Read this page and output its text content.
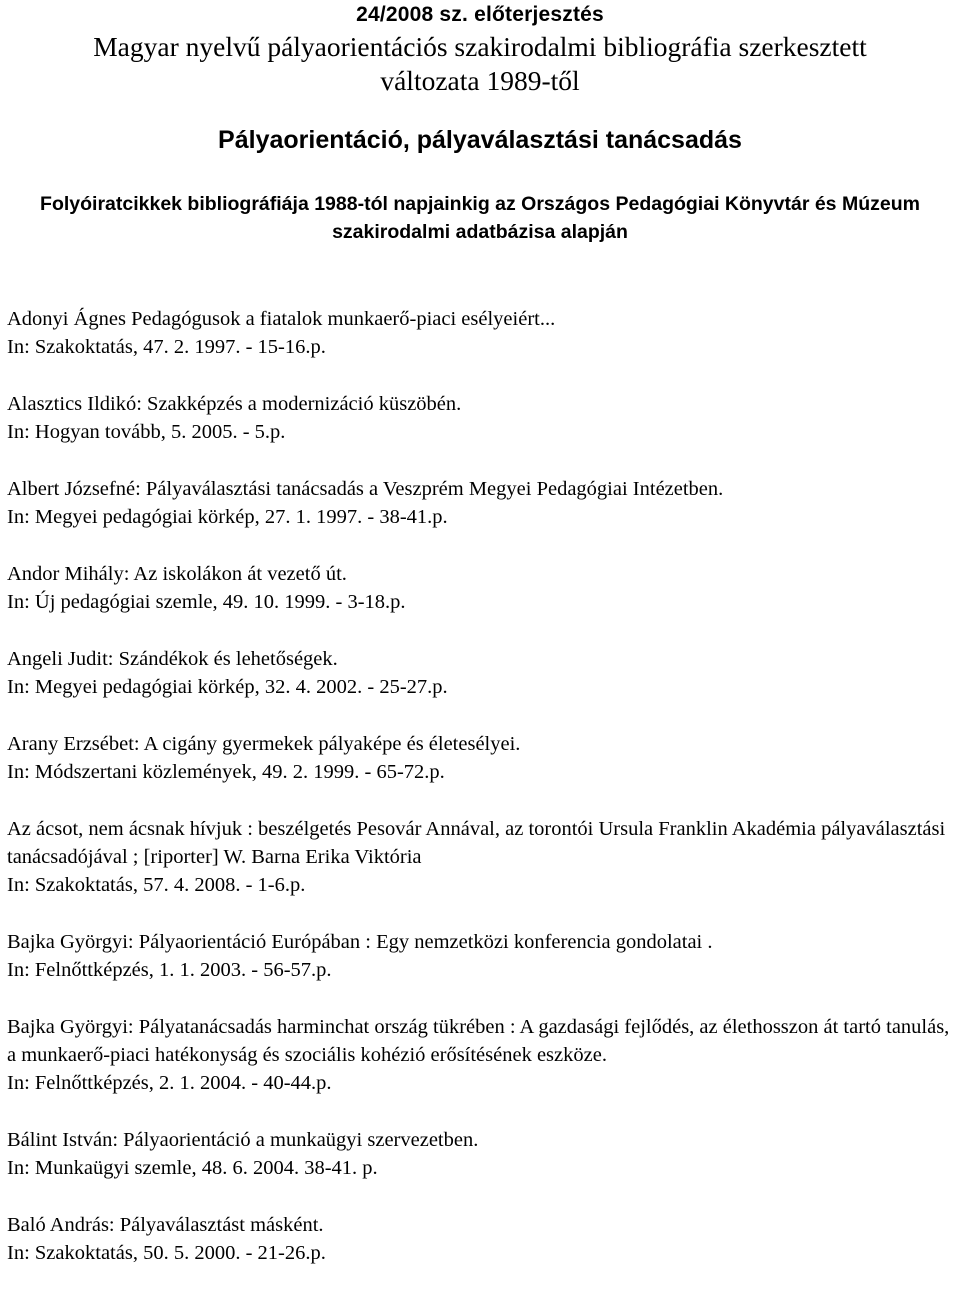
24/2008 sz. előterjesztés
Magyar nyelvű pályaorientációs szakirodalmi bibliográfia szerkesztett
változata 1989-től
Pályaorientáció, pályaválasztási tanácsadás
Folyóiratcikkek bibliográfiája 1988-tól napjainkig az Országos Pedagógiai Könyvtár és Múzeum szakirodalmi adatbázisa alapján
Adonyi Ágnes Pedagógusok a fiatalok munkaerő-piaci esélyeiért...
In: Szakoktatás, 47. 2. 1997. - 15-16.p.
Alasztics Ildikó: Szakképzés a modernizáció küszöbén.
In: Hogyan tovább, 5. 2005. - 5.p.
Albert Józsefné: Pályaválasztási tanácsadás a Veszprém Megyei Pedagógiai Intézetben.
In: Megyei pedagógiai körkép, 27. 1. 1997. - 38-41.p.
Andor Mihály: Az iskolákon át vezető út.
In: Új pedagógiai szemle, 49. 10. 1999. - 3-18.p.
Angeli Judit: Szándékok és lehetőségek.
In: Megyei pedagógiai körkép, 32. 4. 2002. - 25-27.p.
Arany Erzsébet: A cigány gyermekek pályaképe és életesélyei.
In: Módszertani közlemények, 49. 2. 1999. - 65-72.p.
Az ácsot, nem ácsnak hívjuk : beszélgetés Pesovár Annával, az torontói Ursula Franklin Akadémia pályaválasztási tanácsadójával ; [riporter] W. Barna Erika Viktória
In: Szakoktatás, 57. 4. 2008. - 1-6.p.
Bajka Györgyi: Pályaorientáció Európában : Egy nemzetközi konferencia gondolatai .
In: Felnőttképzés, 1. 1. 2003. - 56-57.p.
Bajka Györgyi: Pályatanácsadás harminchat ország tükrében : A gazdasági fejlődés, az élethosszon át tartó tanulás, a munkaerő-piaci hatékonyság és szociális kohézió erősítésének eszköze.
In: Felnőttképzés, 2. 1. 2004. - 40-44.p.
Bálint István: Pályaorientáció a munkaügyi szervezetben.
In: Munkaügyi szemle, 48. 6. 2004. 38-41. p.
Baló András: Pályaválasztást másként.
In: Szakoktatás, 50. 5. 2000. - 21-26.p.
